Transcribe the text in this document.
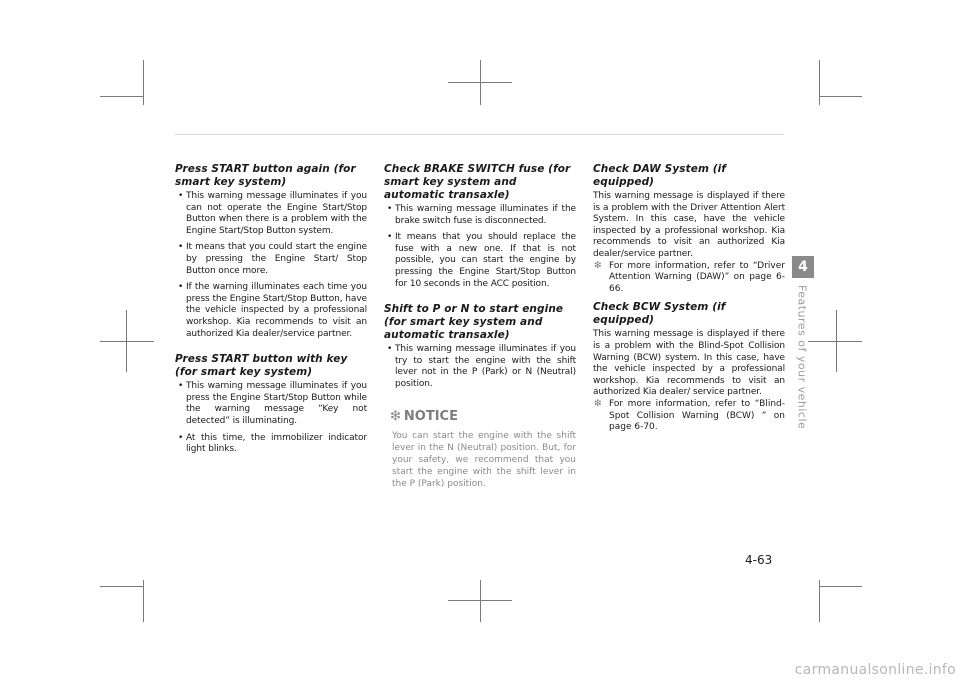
Press START button again (for smart key system)
• This warning message illuminates if you can not operate the Engine Start/Stop Button when there is a problem with the Engine Start/Stop Button system.
• It means that you could start the engine by pressing the Engine Start/ Stop Button once more.
• If the warning illuminates each time you press the Engine Start/Stop Button, have the vehicle inspected by a professional workshop. Kia recommends to visit an authorized Kia dealer/service partner.
Press START button with key (for smart key system)
• This warning message illuminates if you press the Engine Start/Stop Button while the warning message “Key not detected” is illuminating.
• At this time, the immobilizer indicator light blinks.
Check BRAKE SWITCH fuse (for smart key system and automatic transaxle)
• This warning message illuminates if the brake switch fuse is disconnected.
• It means that you should replace the fuse with a new one. If that is not possible, you can start the engine by pressing the Engine Start/Stop Button for 10 seconds in the ACC position.
Shift to P or N to start engine (for smart key system and automatic transaxle)
• This warning message illuminates if you try to start the engine with the shift lever not in the P (Park) or N (Neutral) position.
❇ NOTICE

You can start the engine with the shift lever in the N (Neutral) position. But, for your safety, we recommend that you start the engine with the shift lever in the P (Park) position.

Check DAW System (if equipped)

This warning message is displayed if there is a problem with the Driver Attention Alert System. In this case, have the vehicle inspected by a professional workshop. Kia recommends to visit an authorized Kia dealer/service partner.

❇ For more information, refer to “Driver Attention Warning (DAW)” on page 6-66.
Check BCW System (if equipped)

This warning message is displayed if there is a problem with the Blind-Spot Collision Warning (BCW) system. In this case, have the vehicle inspected by a professional workshop. Kia recommends to visit an authorized Kia dealer/ service partner.

❇ For more information, refer to “Blind-Spot Collision Warning (BCW) ” on page 6-70.
4
Features of your vehicle
4-63
carmanualsonline.info
